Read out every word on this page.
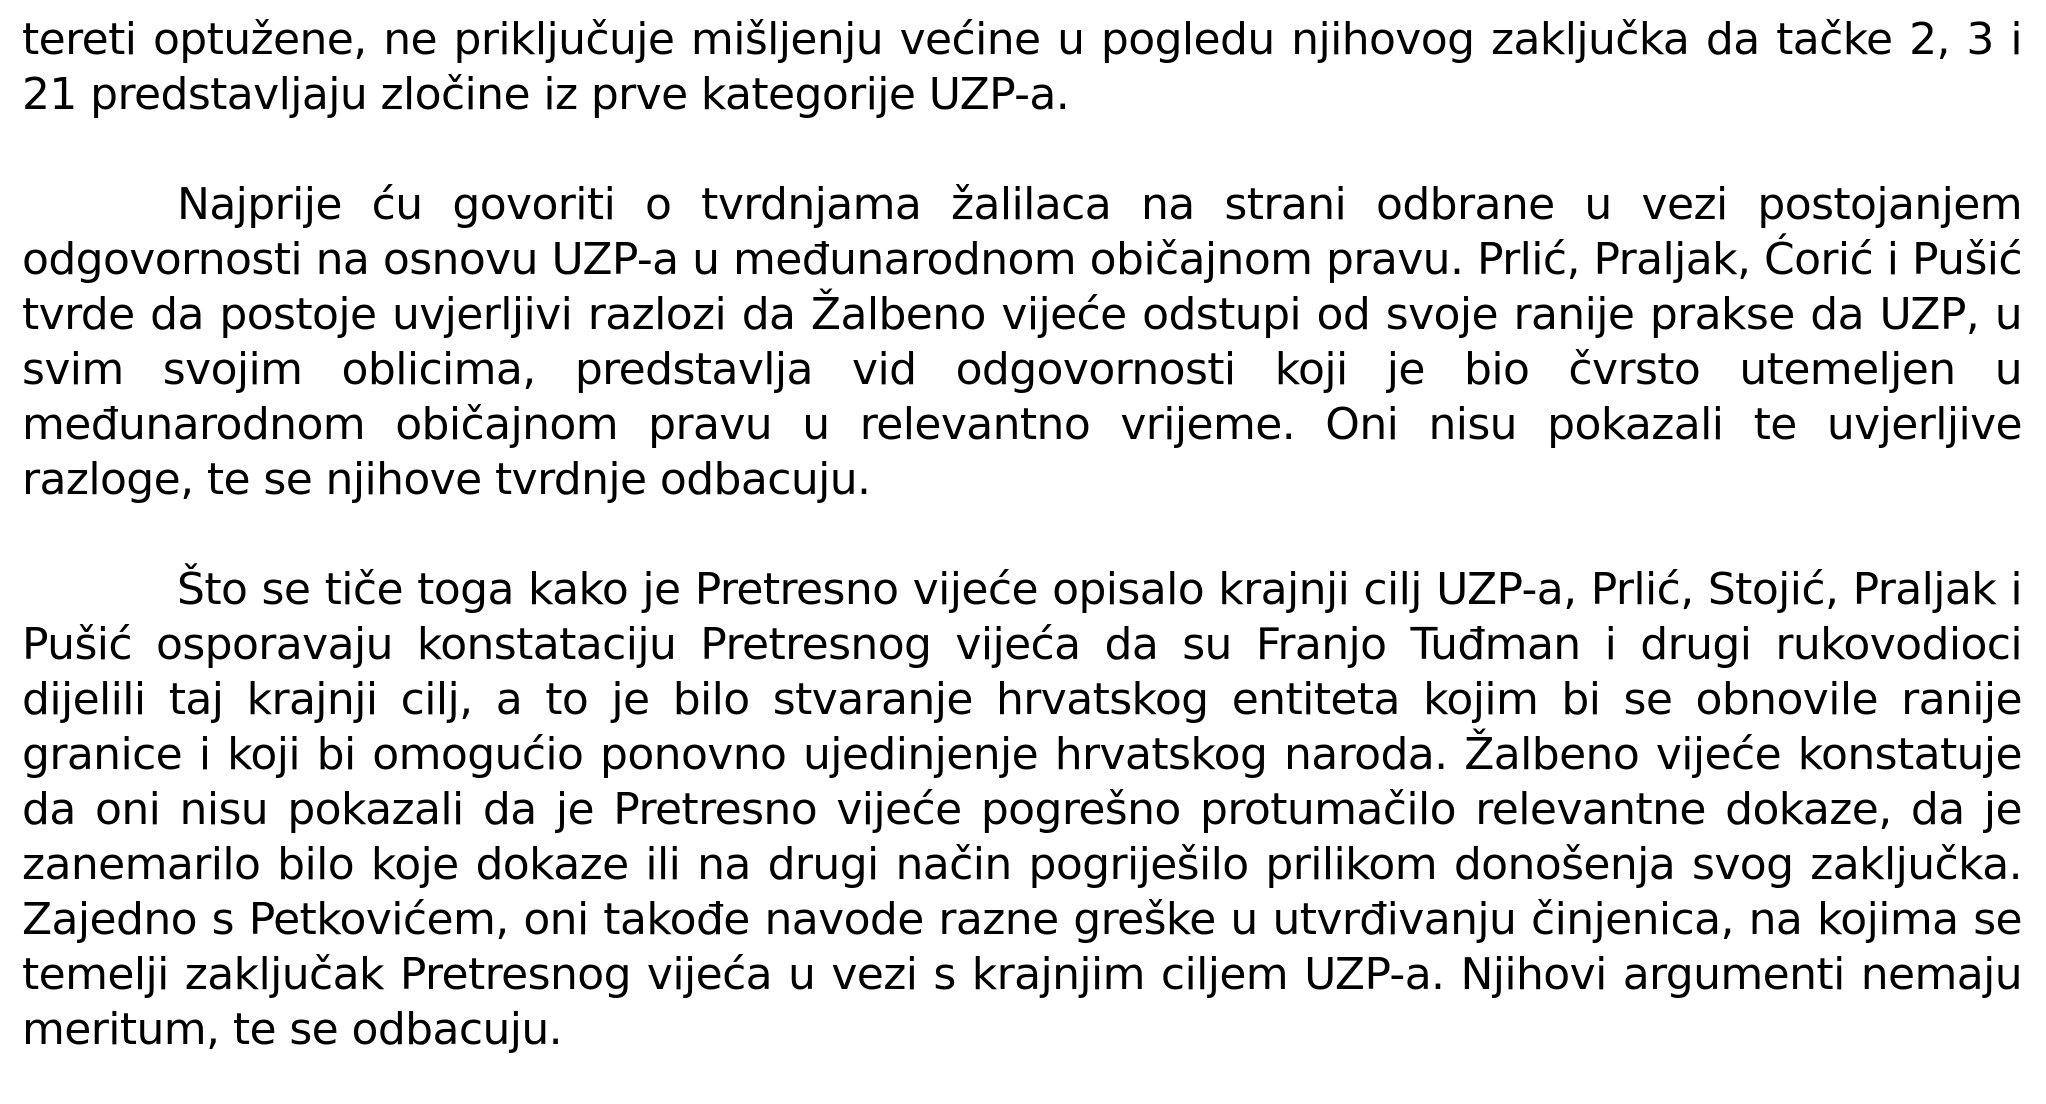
tereti optužene, ne priključuje mišljenju većine u pogledu njihovog zaključka da tačke 2, 3 i 21 predstavljaju zločine iz prve kategorije UZP-a.

Najprije ću govoriti o tvrdnjama žalilaca na strani odbrane u vezi postojanjem odgovornosti na osnovu UZP-a u međunarodnom običajnom pravu. Prlić, Praljak, Ćorić i Pušić tvrde da postoje uvjerljivi razlozi da Žalbeno vijeće odstupi od svoje ranije prakse da UZP, u svim svojim oblicima, predstavlja vid odgovornosti koji je bio čvrsto utemeljen u međunarodnom običajnom pravu u relevantno vrijeme. Oni nisu pokazali te uvjerljive razloge, te se njihove tvrdnje odbacuju.

Što se tiče toga kako je Pretresno vijeće opisalo krajnji cilj UZP-a, Prlić, Stojić, Praljak i Pušić osporavaju konstataciju Pretresnog vijeća da su Franjo Tuđman i drugi rukovodioci dijelili taj krajnji cilj, a to je bilo stvaranje hrvatskog entiteta kojim bi se obnovile ranije granice i koji bi omogućio ponovno ujedinjenje hrvatskog naroda. Žalbeno vijeće konstatuje da oni nisu pokazali da je Pretresno vijeće pogrešno protumačilo relevantne dokaze, da je zanemarilo bilo koje dokaze ili na drugi način pogriješilo prilikom donošenja svog zaključka. Zajedno s Petkovićem, oni takođe navode razne greške u utvrđivanju činjenica, na kojima se temelji zaključak Pretresnog vijeća u vezi s krajnjim ciljem UZP-a. Njihovi argumenti nemaju meritum, te se odbacuju.
